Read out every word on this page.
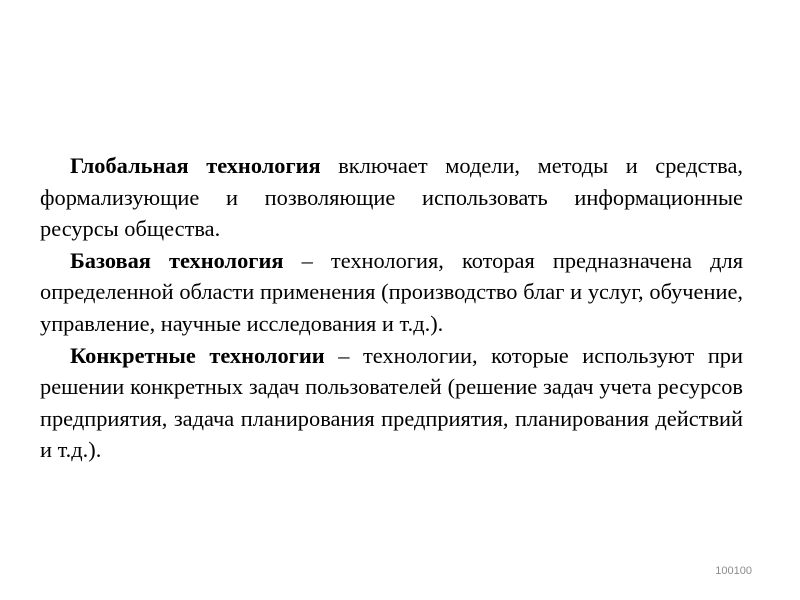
Глобальная технология включает модели, методы и средства, формализующие и позволяющие использовать информационные ресурсы общества.

Базовая технология – технология, которая предназначена для определенной области применения (производство благ и услуг, обучение, управление, научные исследования и т.д.).

Конкретные технологии – технологии, которые используют при решении конкретных задач пользователей (решение задач учета ресурсов предприятия, задача планирования предприятия, планирования действий и т.д.).

100100
